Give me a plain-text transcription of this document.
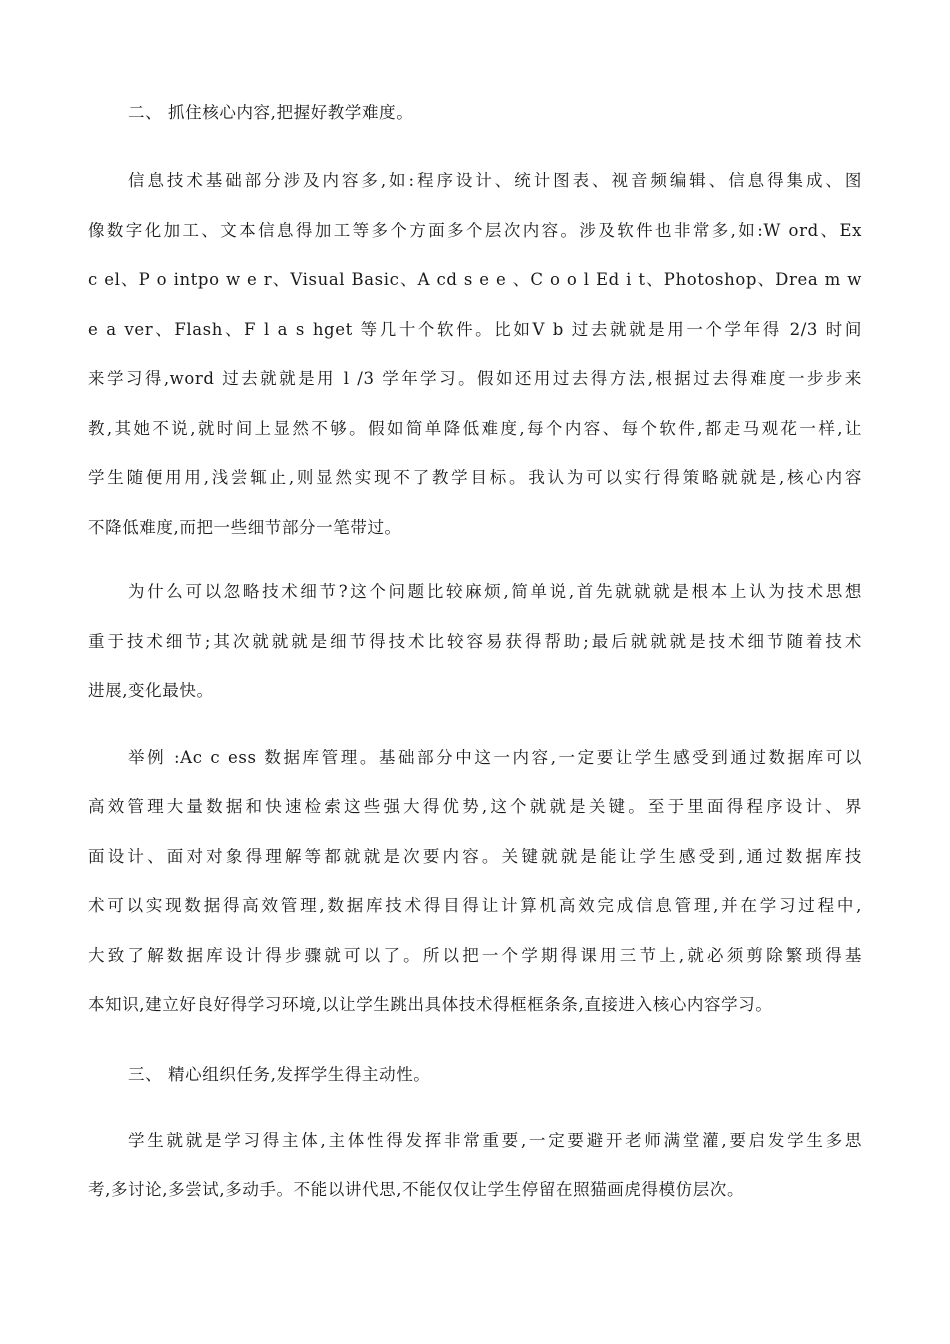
二、 抓住核心内容,把握好教学难度。
信息技术基础部分涉及内容多,如:程序设计、统计图表、视音频编辑、信息得集成、图
像数字化加工、文本信息得加工等多个方面多个层次内容。涉及软件也非常多,如:W ord、Ex
c el、P o intpo w e r、Visual Basic、A cd s e e 、C o o l Ed i t、Photoshop、Drea m w
e a ver、Flash、F l a s hget 等几十个软件。比如V b 过去就就是用一个学年得 2/3 时间
来学习得,word 过去就就是用 l /3 学年学习。假如还用过去得方法,根据过去得难度一步步来
教,其她不说,就时间上显然不够。假如简单降低难度,每个内容、每个软件,都走马观花一样,让
学生随便用用,浅尝辄止,则显然实现不了教学目标。我认为可以实行得策略就就是,核心内容
不降低难度,而把一些细节部分一笔带过。
为什么可以忽略技术细节?这个问题比较麻烦,简单说,首先就就就是根本上认为技术思想
重于技术细节;其次就就就是细节得技术比较容易获得帮助;最后就就就是技术细节随着技术
进展,变化最快。
举例 :Ac c ess 数据库管理。基础部分中这一内容,一定要让学生感受到通过数据库可以
高效管理大量数据和快速检索这些强大得优势,这个就就是关键。至于里面得程序设计、界
面设计、面对对象得理解等都就就是次要内容。关键就就是能让学生感受到,通过数据库技
术可以实现数据得高效管理,数据库技术得目得让计算机高效完成信息管理,并在学习过程中,
大致了解数据库设计得步骤就可以了。所以把一个学期得课用三节上,就必须剪除繁琐得基
本知识,建立好良好得学习环境,以让学生跳出具体技术得框框条条,直接进入核心内容学习。
三、 精心组织任务,发挥学生得主动性。
学生就就是学习得主体,主体性得发挥非常重要,一定要避开老师满堂灌,要启发学生多思
考,多讨论,多尝试,多动手。不能以讲代思,不能仅仅让学生停留在照猫画虎得模仿层次。
